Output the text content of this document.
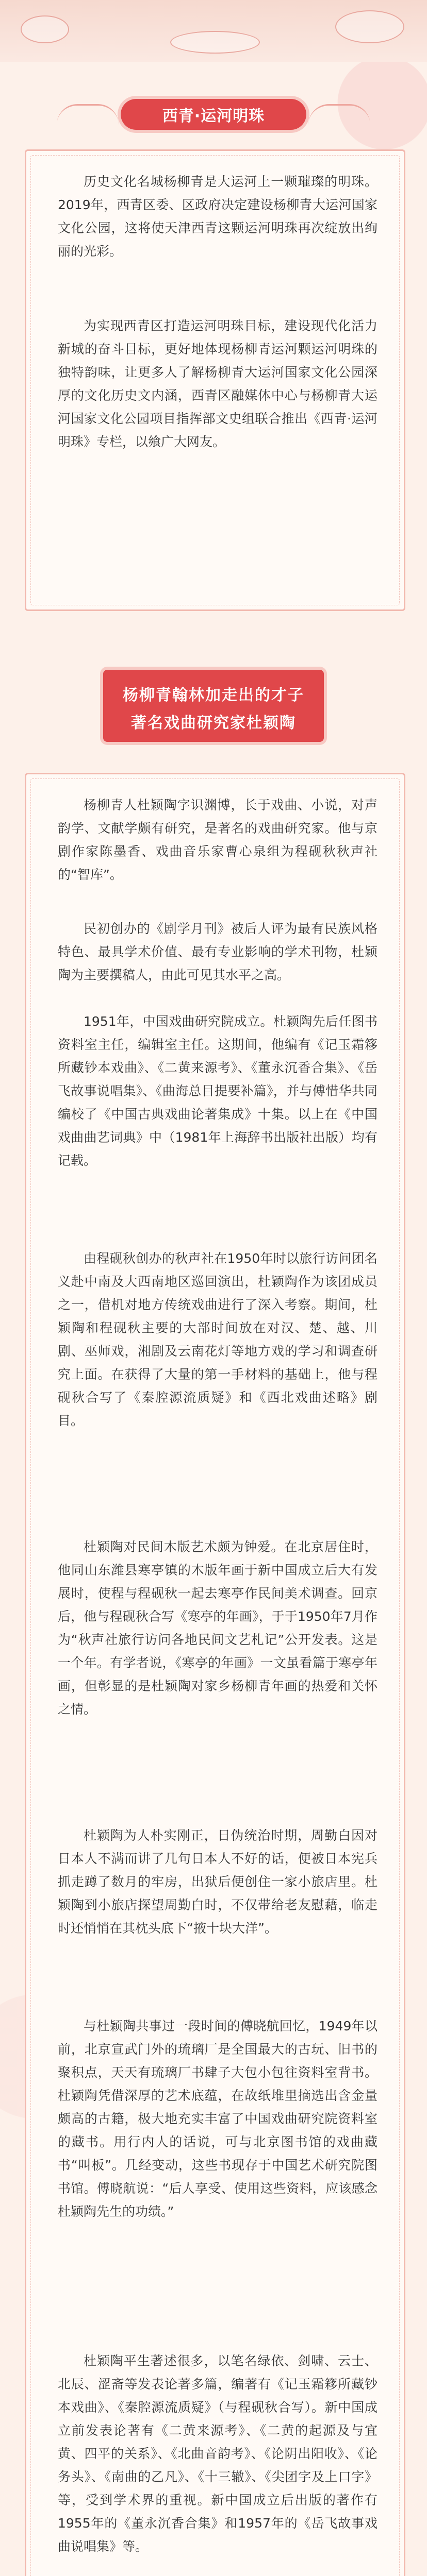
西青·运河明珠

历史文化名城杨柳青是大运河上一颗璀璨的明珠。2019年，西青区委、区政府决定建设杨柳青大运河国家文化公园，这将使天津西青这颗运河明珠再次绽放出绚丽的光彩。

为实现西青区打造运河明珠目标，建设现代化活力新城的奋斗目标，更好地体现杨柳青运河颗运河明珠的独特韵味，让更多人了解杨柳青大运河国家文化公园深厚的文化历史文内涵，西青区融媒体中心与杨柳青大运河国家文化公园项目指挥部文史组联合推出《西青·运河明珠》专栏，以飨广大网友。

杨柳青翰林加走出的才子
著名戏曲研究家杜颖陶

杨柳青人杜颖陶字识渊博，长于戏曲、小说，对声韵学、文献学颇有研究，是著名的戏曲研究家。他与京剧作家陈墨香、戏曲音乐家曹心泉组为程砚秋秋声社的“智库”。

民初创办的《剧学月刊》被后人评为最有民族风格特色、最具学术价值、最有专业影响的学术刊物，杜颖陶为主要撰稿人，由此可见其水平之高。

1951年，中国戏曲研究院成立。杜颖陶先后任图书资料室主任，编辑室主任。这期间，他编有《记玉霜簃所藏钞本戏曲》、《二黄来源考》、《董永沉香合集》、《岳飞故事说唱集》、《曲海总目提要补篇》，并与傅惜华共同编校了《中国古典戏曲论著集成》十集。以上在《中国戏曲曲艺词典》中（1981年上海辞书出版社出版）均有记载。

由程砚秋创办的秋声社在1950年时以旅行访问团名义赴中南及大西南地区巡回演出，杜颖陶作为该团成员之一，借机对地方传统戏曲进行了深入考察。期间，杜颖陶和程砚秋主要的大部时间放在对汉、楚、越、川剧、巫师戏，湘剧及云南花灯等地方戏的学习和调查研究上面。在获得了大量的第一手材料的基础上，他与程砚秋合写了《秦腔源流质疑》和《西北戏曲述略》剧目。

杜颖陶对民间木版艺术颇为钟爱。在北京居住时，他同山东潍县寒亭镇的木版年画于新中国成立后大有发展时，使程与程砚秋一起去寒亭作民间美术调查。回京后，他与程砚秋合写《寒亭的年画》，于于1950年7月作为“秋声社旅行访问各地民间文艺札记”公开发表。这是一个年。有学者说，《寒亭的年画》一文虽看篇于寒亭年画，但彰显的是杜颖陶对家乡杨柳青年画的热爱和关怀之情。

杜颖陶为人朴实刚正，日伪统治时期，周勤白因对日本人不满而讲了几句日本人不好的话，便被日本宪兵抓走蹲了数月的牢房，出狱后便创住一家小旅店里。杜颖陶到小旅店探望周勤白时，不仅带给老友慰藉，临走时还悄悄在其枕头底下“掖十块大洋”。

与杜颖陶共事过一段时间的傅晓航回忆，1949年以前，北京宣武门外的琉璃厂是全国最大的古玩、旧书的聚积点，天天有琉璃厂书肆子大包小包往资料室背书。杜颖陶凭借深厚的艺术底蕴，在故纸堆里摘选出含金量颇高的古籍，极大地充实丰富了中国戏曲研究院资料室的藏书。用行内人的话说，可与北京图书馆的戏曲藏书“叫板”。几经变动，这些书现存于中国艺术研究院图书馆。傅晓航说：“后人享受、使用这些资料，应该感念杜颖陶先生的功绩。”

杜颖陶平生著述很多，以笔名绿依、剑啸、云士、北辰、涩斋等发表论著多篇，编著有《记玉霜簃所藏钞本戏曲》、《秦腔源流质疑》（与程砚秋合写）。新中国成立前发表论著有《二黄来源考》、《二黄的起源及与宜黄、四平的关系》、《北曲音韵考》、《论阴出阳收》、《论务头》、《南曲的乙凡》、《十三辙》、《尖团字及上口字》等，受到学术界的重视。新中国成立后出版的著作有1955年的《董永沉香合集》和1957年的《岳飞故事戏曲说唱集》等。
